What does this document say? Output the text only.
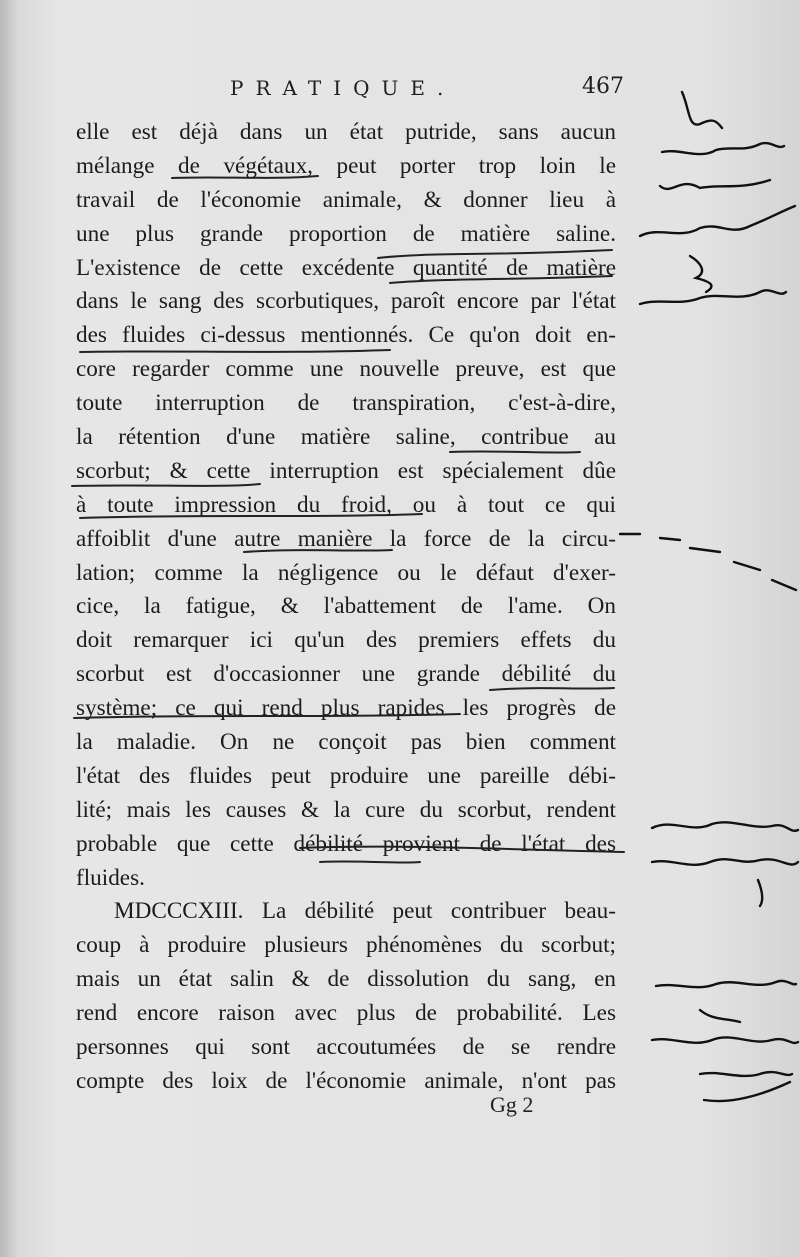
PRATIQUE.	467
elle est déjà dans un état putride, sans aucun
mélange de végétaux, peut porter trop loin le
travail de l'économie animale, & donner lieu à
une plus grande proportion de matière saline.
L'existence de cette excédente quantité de matière
dans le sang des scorbutiques, paroît encore par l'état
des fluides ci-dessus mentionnés. Ce qu'on doit en-
core regarder comme une nouvelle preuve, est que
toute interruption de transpiration, c'est-à-dire,
la rétention d'une matière saline, contribue au
scorbut; & cette interruption est spécialement dûe
à toute impression du froid, ou à tout ce qui
affoiblit d'une autre manière la force de la circu-
lation; comme la négligence ou le défaut d'exer-
cice, la fatigue, & l'abattement de l'ame. On
doit remarquer ici qu'un des premiers effets du
scorbut est d'occasionner une grande débilité du
système; ce qui rend plus rapides les progrès de
la maladie. On ne conçoit pas bien comment
l'état des fluides peut produire une pareille débi-
lité; mais les causes & la cure du scorbut, rendent
probable que cette débilité provient de l'état des
fluides.
MDCCCXIII. La débilité peut contribuer beau-
coup à produire plusieurs phénomènes du scorbut;
mais un état salin & de dissolution du sang, en
rend encore raison avec plus de probabilité. Les
personnes qui sont accoutumées de se rendre
compte des loix de l'économie animale, n'ont pas
Gg 2
